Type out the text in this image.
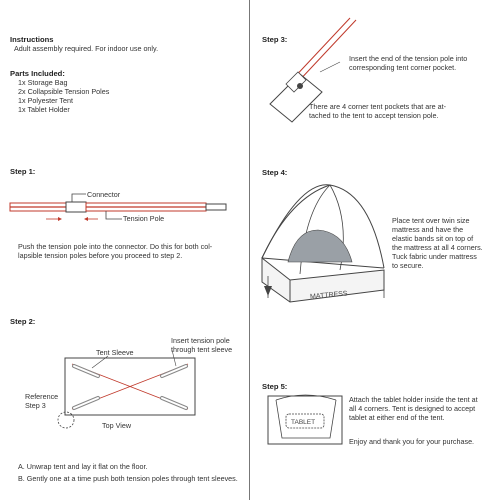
Instructions
Adult assembly required. For indoor use only.
Parts Included:
1x Storage Bag
2x Collapsible Tension Poles
1x Polyester Tent
1x Tablet Holder
Step 1:
Connector
Tension Pole
Push the tension pole into the connector. Do this for both col-
lapsible tension poles before you proceed to step 2.
Step 2:
Insert tension pole
through tent sleeve
Tent Sleeve
Reference
Step 3
Top View
A. Unwrap tent and lay it flat on the floor.
B. Gently one at a time push both tension poles through tent sleeves.
Step 3:
Insert the end of the tension pole into
corresponding tent corner pocket.
There are 4 corner tent pockets that are at-
tached to the tent to accept tension pole.
Step 4:
Place tent over twin size
mattress and have the
elastic bands sit on top of
the mattress at all 4 corners.
Tuck fabric under mattress
to secure.
Step 5:
Attach the tablet holder inside the tent at
all 4 corners. Tent is designed to accept
tablet at either end of the tent.
Enjoy and thank you for your purchase.
MATTRESS
TABLET
